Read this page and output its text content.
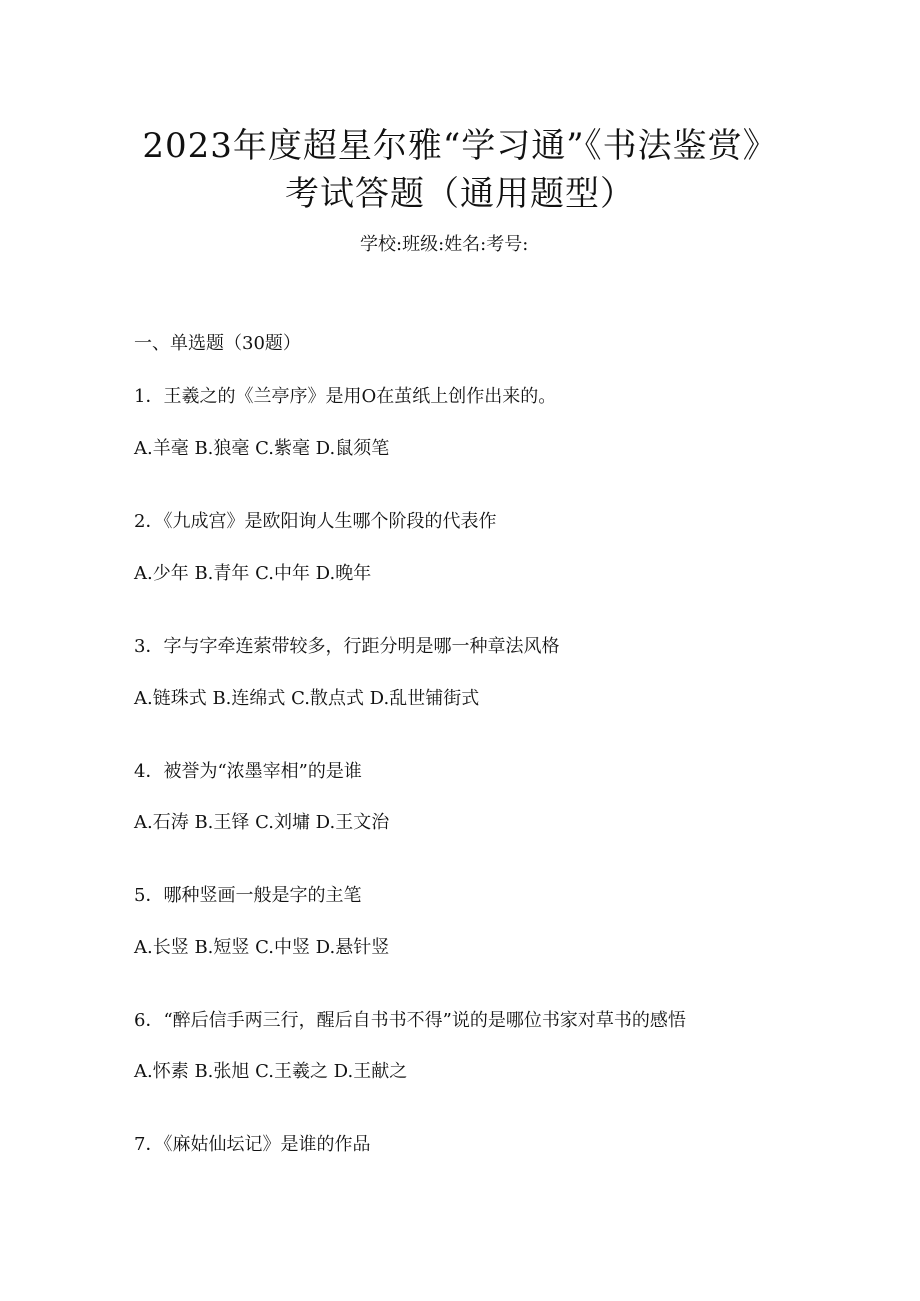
2023年度超星尔雅“学习通”《书法鉴赏》
考试答题（通用题型）
学校:班级:姓名:考号:
一、单选题（30题）
1．王羲之的《兰亭序》是用O在茧纸上创作出来的。
A.羊毫 B.狼毫 C.紫毫 D.鼠须笔
2．《九成宫》是欧阳询人生哪个阶段的代表作
A.少年 B.青年 C.中年 D.晚年
3．字与字牵连萦带较多，行距分明是哪一种章法风格
A.链珠式 B.连绵式 C.散点式 D.乱世铺街式
4．被誉为“浓墨宰相”的是谁
A.石涛 B.王铎 C.刘墉 D.王文治
5．哪种竖画一般是字的主笔
A.长竖 B.短竖 C.中竖 D.悬针竖
6．“醉后信手两三行，醒后自书书不得”说的是哪位书家对草书的感悟
A.怀素 B.张旭 C.王羲之 D.王献之
7．《麻姑仙坛记》是谁的作品
